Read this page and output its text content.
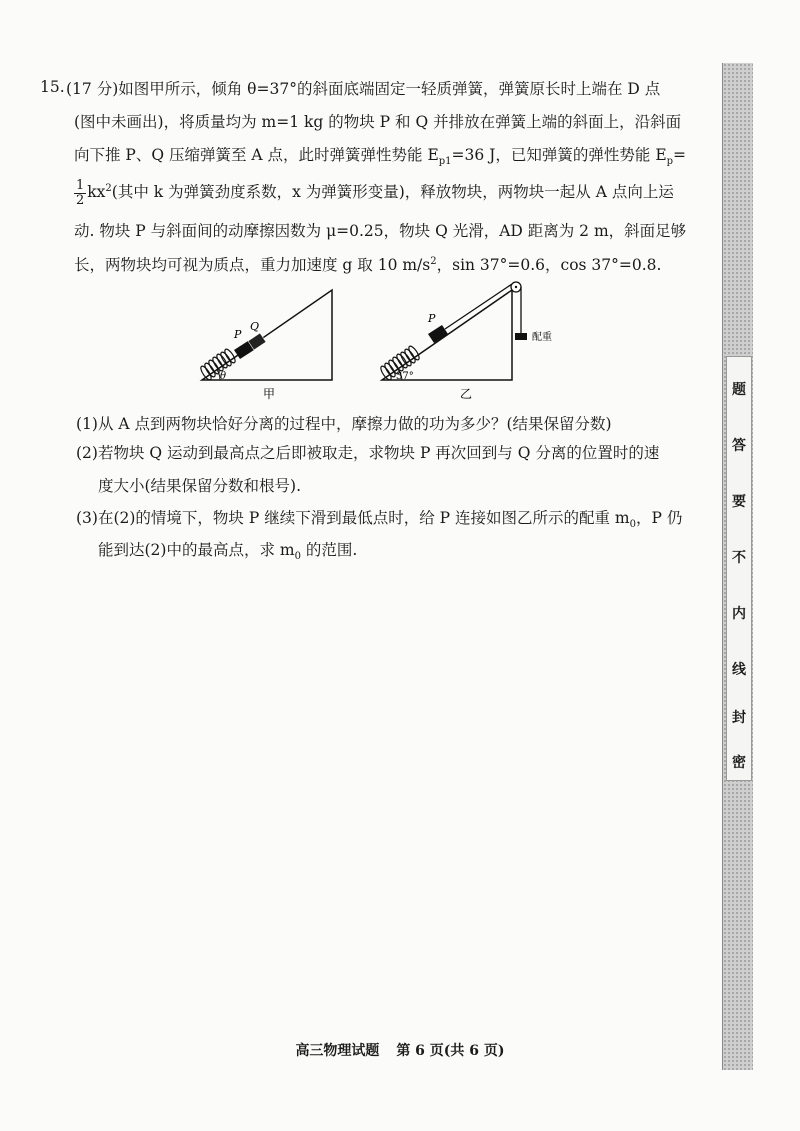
15. (17 分)如图甲所示，倾角 θ=37°的斜面底端固定一轻质弹簧，弹簧原长时上端在 D 点
(图中未画出)，将质量均为 m=1 kg 的物块 P 和 Q 并排放在弹簧上端的斜面上，沿斜面
向下推 P、Q 压缩弹簧至 A 点，此时弹簧弹性势能 $E_{p1}=36$ J，已知弹簧的弹性势能 $E_p=$
$\frac{1}{2} kx^2$(其中 k 为弹簧劲度系数，x 为弹簧形变量)，释放物块，两物块一起从 A 点向上运
动. 物块 P 与斜面间的动摩擦因数为 μ=0.25，物块 Q 光滑，AD 距离为 2 m，斜面足够
长，两物块均可视为质点，重力加速度 g 取 10 $m/s^2$，sin 37°=0.6，cos 37°=0.8.
P
Q
θ
甲
P
配重
37°
乙
(1)从 A 点到两物块恰好分离的过程中，摩擦力做的功为多少？(结果保留分数)
(2)若物块 Q 运动到最高点之后即被取走，求物块 P 再次回到与 Q 分离的位置时的速
度大小(结果保留分数和根号).
(3)在(2)的情境下，物块 P 继续下滑到最低点时，给 P 连接如图乙所示的配重 $m_0$，P 仍
能到达(2)中的最高点，求 $m_0$ 的范围.
高三物理试题 第 6 页(共 6 页)
题
答
要
不
内
线
封
密
